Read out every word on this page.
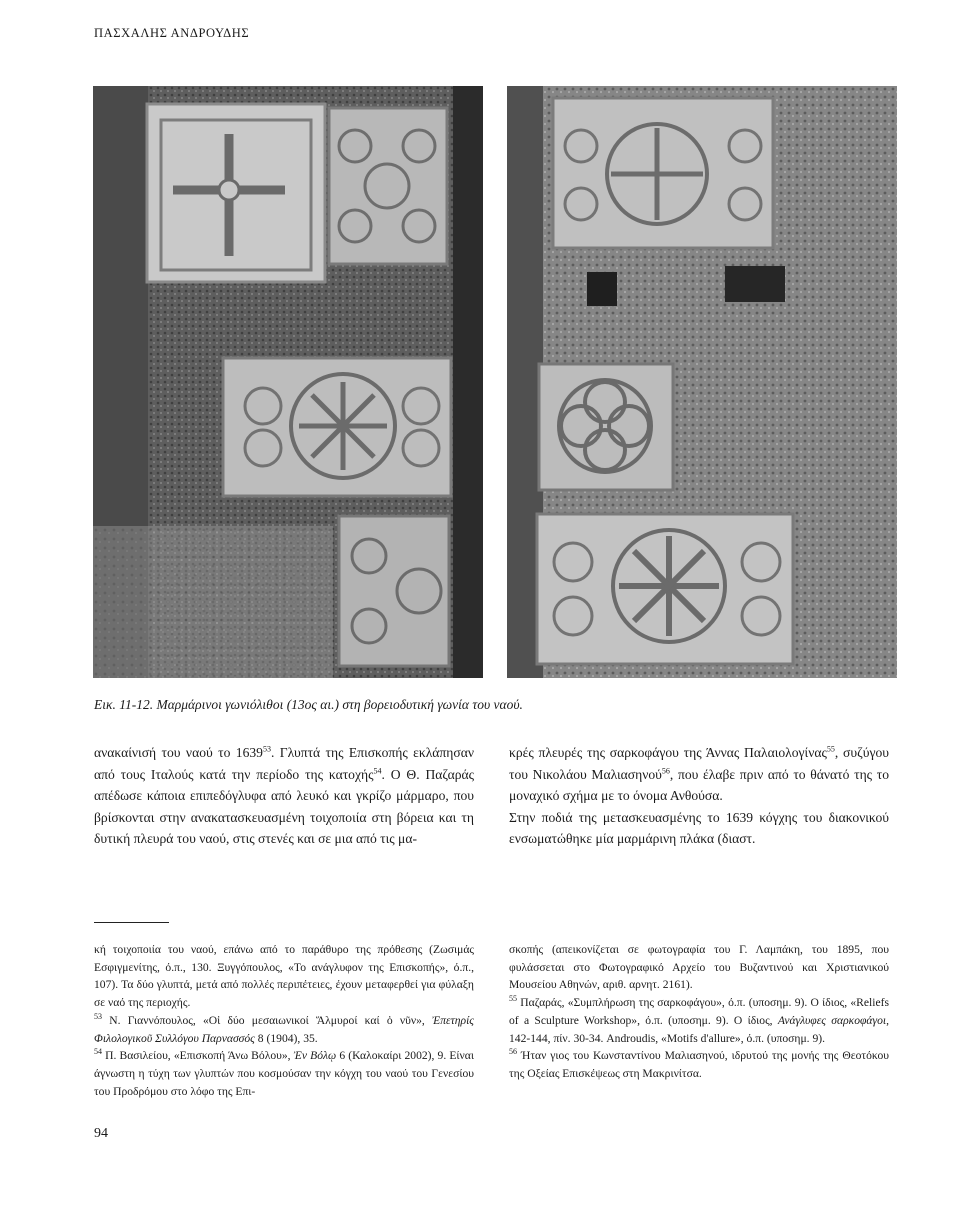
ΠΑΣΧΑΛΗΣ ΑΝΔΡΟΥΔΗΣ
Εικ. 11-12. Μαρμάρινοι γωνιόλιθοι (13ος αι.) στη βορειοδυτική γωνία του ναού.

ανακαίνισή του ναού το 1639$^{53}$. Γλυπτά της Επισκοπής εκλάπησαν από τους Ιταλούς κατά την περίοδο της κατοχής$^{54}$. Ο Θ. Παζαράς απέδωσε κάποια επιπεδόγλυφα από λευκό και γκρίζο μάρμαρο, που βρίσκονται στην ανακατασκευασμένη τοιχοποιία στη βόρεια και τη δυτική πλευρά του ναού, στις στενές και σε μια από τις μα-

κρές πλευρές της σαρκοφάγου της Άννας Παλαιολογίνας$^{55}$, συζύγου του Νικολάου Μαλιασηνού$^{56}$, που έλαβε πριν από το θάνατό της το μοναχικό σχήμα με το όνομα Ανθούσα.

Στην ποδιά της μετασκευασμένης το 1639 κόγχης του διακονικού ενσωματώθηκε μία μαρμάρινη πλάκα (διαστ.

κή τοιχοποιία του ναού, επάνω από το παράθυρο της πρόθεσης (Ζωσιμάς Εσφιγμενίτης, ό.π., 130. Ξυγγόπουλος, «Το ανάγλυφον της Επισκοπής», ό.π., 107). Τα δύο γλυπτά, μετά από πολλές περιπέτειες, έχουν μεταφερθεί για φύλαξη σε ναό της περιοχής.

$^{53}$ Ν. Γιαννόπουλος, «Οἱ δύο μεσαιωνικοί Ἅλμυροί καί ὁ νῦν», Ἐπετηρίς Φιλολογικοῦ Συλλόγου Παρνασσός 8 (1904), 35.

$^{54}$ Π. Βασιλείου, «Επισκοπή Άνω Βόλου», Ἐν Βόλῳ 6 (Καλοκαίρι 2002), 9. Είναι άγνωστη η τύχη των γλυπτών που κοσμούσαν την κόγχη του ναού του Γενεσίου του Προδρόμου στο λόφο της Επι-

σκοπής (απεικονίζεται σε φωτογραφία του Γ. Λαμπάκη, του 1895, που φυλάσσεται στο Φωτογραφικό Αρχείο του Βυζαντινού και Χριστιανικού Μουσείου Αθηνών, αριθ. αρνητ. 2161).

$^{55}$ Παζαράς, «Συμπλήρωση της σαρκοφάγου», ό.π. (υποσημ. 9). Ο ίδιος, «Reliefs of a Sculpture Workshop», ό.π. (υποσημ. 9). Ο ίδιος, Ανάγλυφες σαρκοφάγοι, 142-144, πίν. 30-34. Androudis, «Motifs d'allure», ό.π. (υποσημ. 9).

$^{56}$ Ήταν γιος του Κωνσταντίνου Μαλιασηνού, ιδρυτού της μονής της Θεοτόκου της Οξείας Επισκέψεως στη Μακρινίτσα.

94
